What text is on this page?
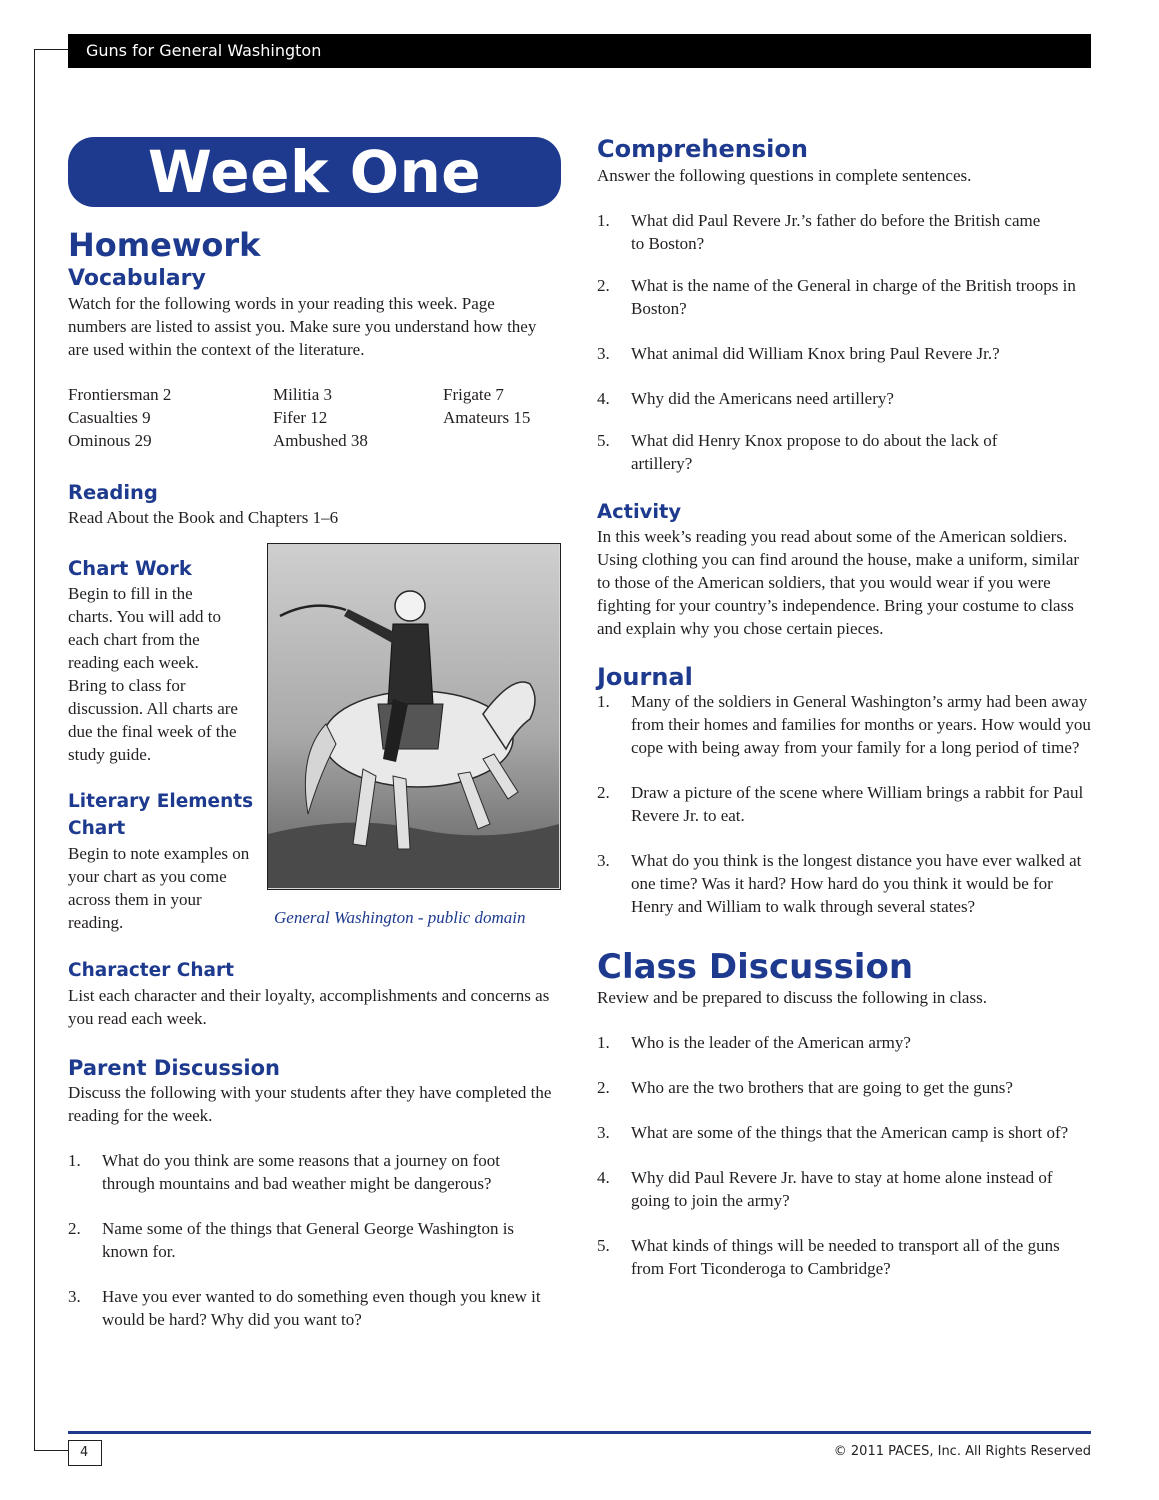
Guns for General Washington
Week One
Homework
Vocabulary

Watch for the following words in your reading this week. Page numbers are listed to assist you. Make sure you understand how they are used within the context of the literature.

Frontiersman 2	Militia 3	Frigate 7
Casualties 9	Fifer 12	Amateurs 15
Ominous 29	Ambushed 38
Reading

Read About the Book and Chapters 1–6

Chart Work

Begin to fill in the charts. You will add to each chart from the reading each week. Bring to class for discussion. All charts are due the final week of the study guide.

Literary Elements
Chart

Begin to note examples on your chart as you come across them in your reading.

Character Chart

List each character and their loyalty, accomplishments and concerns as you read each week.

Parent Discussion

Discuss the following with your students after they have completed the reading for the week.

1.	What do you think are some reasons that a journey on foot through mountains and bad weather might be dangerous?
2.	Name some of the things that General George Washington is known for.
3.	Have you ever wanted to do something even though you knew it would be hard? Why did you want to?
General Washington - public domain
Comprehension

Answer the following questions in complete sentences.

1.	What did Paul Revere Jr.’s father do before the British came to Boston?
2.	What is the name of the General in charge of the British troops in Boston?
3.	What animal did William Knox bring Paul Revere Jr.?
4.	Why did the Americans need artillery?
5.	What did Henry Knox propose to do about the lack of artillery?
Activity

In this week’s reading you read about some of the American soldiers. Using clothing you can find around the house, make a uniform, similar to those of the American soldiers, that you would wear if you were fighting for your country’s independence. Bring your costume to class and explain why you chose certain pieces.

Journal
1.	Many of the soldiers in General Washington’s army had been away from their homes and families for months or years. How would you cope with being away from your family for a long period of time?
2.	Draw a picture of the scene where William brings a rabbit for Paul Revere Jr. to eat.
3.	What do you think is the longest distance you have ever walked at one time? Was it hard? How hard do you think it would be for Henry and William to walk through several states?
Class Discussion

Review and be prepared to discuss the following in class.

1.	Who is the leader of the American army?
2.	Who are the two brothers that are going to get the guns?
3.	What are some of the things that the American camp is short of?
4.	Why did Paul Revere Jr. have to stay at home alone instead of going to join the army?
5.	What kinds of things will be needed to transport all of the guns from Fort Ticonderoga to Cambridge?
4	© 2011 PACES, Inc. All Rights Reserved
